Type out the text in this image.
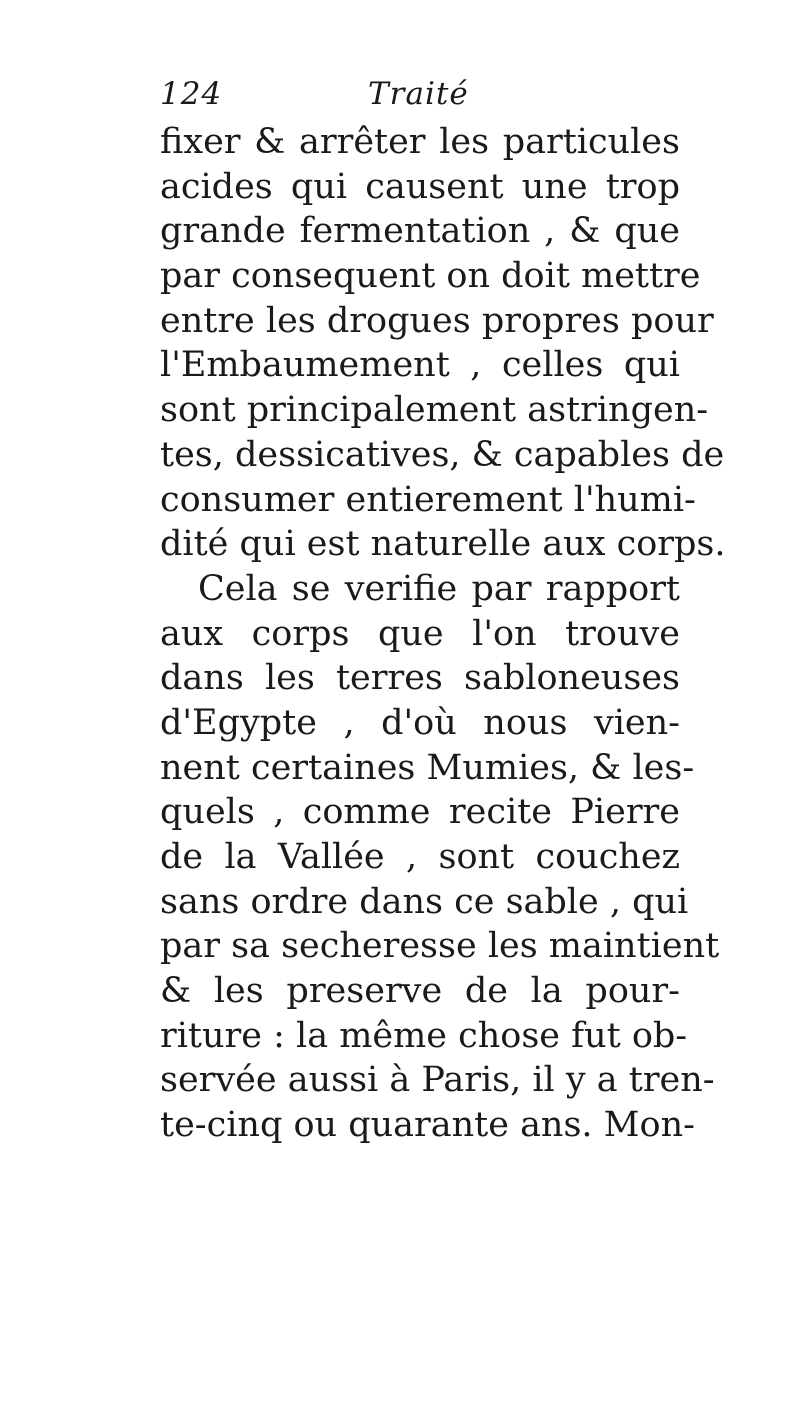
124	Traité
fixer & arrêter les particules
acides qui causent une trop
grande fermentation , & que
par consequent on doit mettre
entre les drogues propres pour
l'Embaumement , celles qui
sont principalement astringen-
tes, dessicatives, & capables de
consumer entierement l'humi-
dité qui est naturelle aux corps.
Cela se verifie par rapport
aux corps que l'on trouve
dans les terres sabloneuses
d'Egypte , d'où nous vien-
nent certaines Mumies, & les-
quels , comme recite Pierre
de la Vallée , sont couchez
sans ordre dans ce sable , qui
par sa secheresse les maintient
& les preserve de la pour-
riture : la même chose fut ob-
servée aussi à Paris, il y a tren-
te-cinq ou quarante ans. Mon-
